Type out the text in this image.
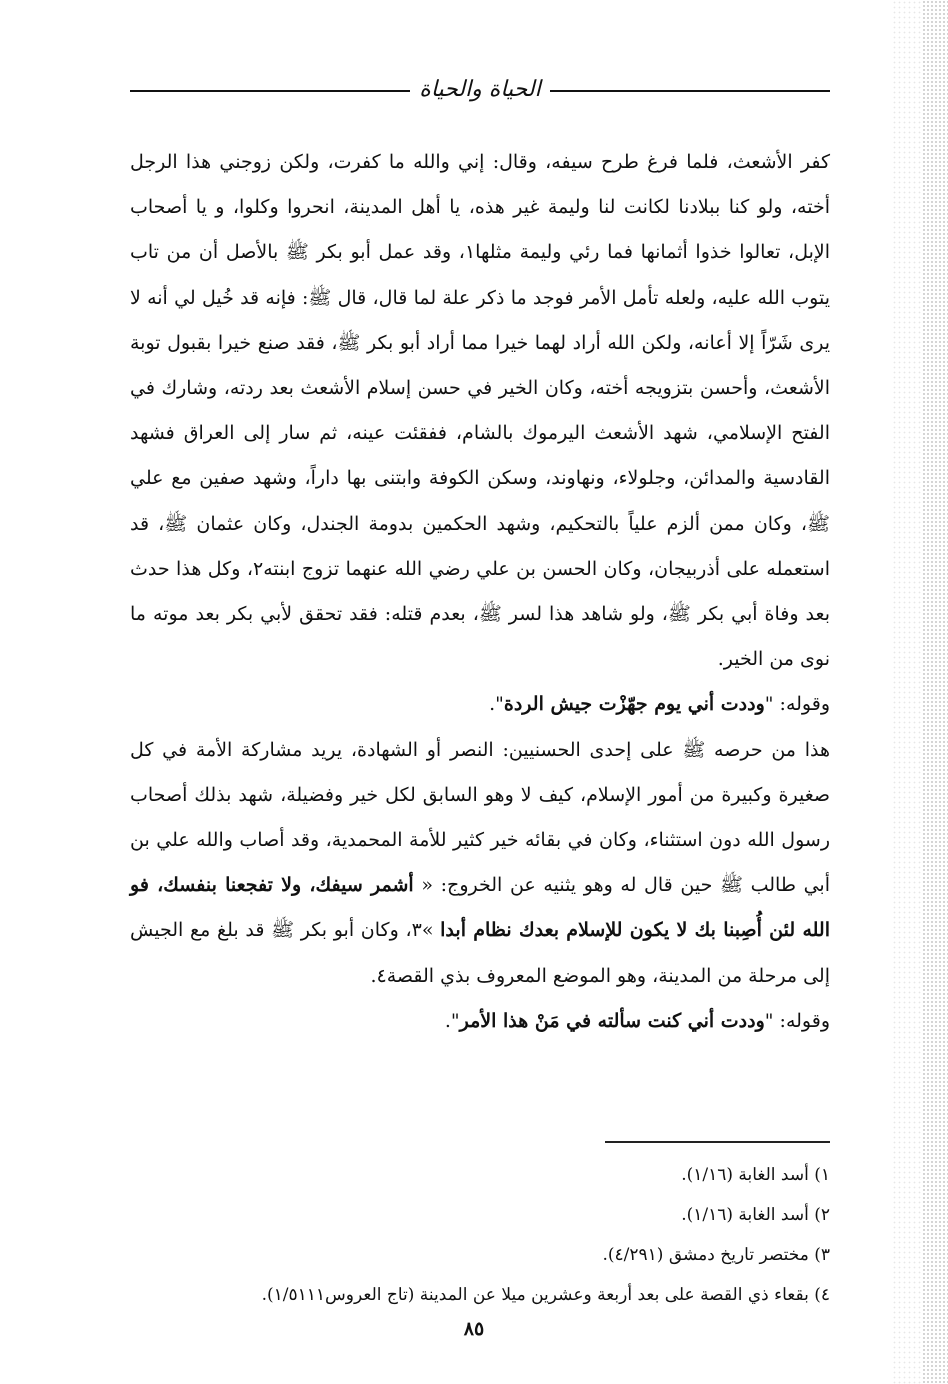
الحياة والحياة

كفر الأشعث، فلما فرغ طرح سيفه، وقال: إني والله ما كفرت، ولكن زوجني هذا الرجل أخته، ولو كنا ببلادنا لكانت لنا وليمة غير هذه، يا أهل المدينة، انحروا وكلوا، و يا أصحاب الإبل، تعالوا خذوا أثمانها فما رئي وليمة مثلها١، وقد عمل أبو بكر ﷺ بالأصل أن من تاب يتوب الله عليه، ولعله تأمل الأمر فوجد ما ذكر علة لما قال، قال ﷺ: فإنه قد خُيل لي أنه لا يرى شَرّاً إلا أعانه، ولكن الله أراد لهما خيرا مما أراد أبو بكر ﷺ، فقد صنع خيرا بقبول توبة الأشعث، وأحسن بتزويجه أخته، وكان الخير في حسن إسلام الأشعث بعد ردته، وشارك في الفتح الإسلامي، شهد الأشعث اليرموك بالشام، ففقئت عينه، ثم سار إلى العراق فشهد القادسية والمدائن، وجلولاء، ونهاوند، وسكن الكوفة وابتنى بها داراً، وشهد صفين مع علي ﷺ، وكان ممن ألزم علياً بالتحكيم، وشهد الحكمين بدومة الجندل، وكان عثمان ﷺ، قد استعمله على أذربيجان، وكان الحسن بن علي رضي الله عنهما تزوج ابنته٢، وكل هذا حدث بعد وفاة أبي بكر ﷺ، ولو شاهد هذا لسر ﷺ، بعدم قتله: فقد تحقق لأبي بكر بعد موته ما نوى من الخير.

وقوله: "وددت أني يوم جهّزْت جيش الردة".

هذا من حرصه ﷺ على إحدى الحسنيين: النصر أو الشهادة، يريد مشاركة الأمة في كل صغيرة وكبيرة من أمور الإسلام، كيف لا وهو السابق لكل خير وفضيلة، شهد بذلك أصحاب رسول الله دون استثناء، وكان في بقائه خير كثير للأمة المحمدية، وقد أصاب والله علي بن أبي طالب ﷺ حين قال له وهو يثنيه عن الخروج: « أشمر سيفك، ولا تفجعنا بنفسك، فو الله لئن أُصِبنا بك لا يكون للإسلام بعدك نظام أبدا »٣، وكان أبو بكر ﷺ قد بلغ مع الجيش إلى مرحلة من المدينة، وهو الموضع المعروف بذي القصة٤.

وقوله: "وددت أني كنت سألته في مَنْ هذا الأمر".

١) أسد الغابة (١/١٦).
٢) أسد الغابة (١/١٦).
٣) مختصر تاريخ دمشق (٤/٢٩١).
٤) بقعاء ذي القصة على بعد أربعة وعشرين ميلا عن المدينة (تاج العروس١/٥١١١).
٨٥
